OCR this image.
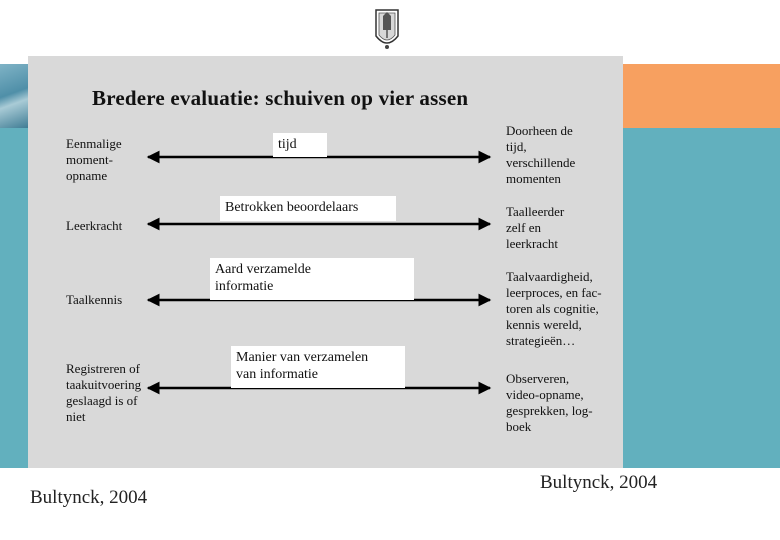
Bredere evaluatie: schuiven op vier assen
Eenmalige
moment-
opname
tijd
Doorheen de
tijd,
verschillende
momenten
Leerkracht
Betrokken beoordelaars	Taalleerder
zelf en
leerkracht
Taalkennis
Aard verzamelde
informatie
Taalvaardigheid,
leerproces, en fac-
toren als cognitie,
kennis wereld,
strategieën…
Registreren of
taakuitvoering
geslaagd is of
niet
Manier van verzamelen
van informatie	Observeren,
video-opname,
gesprekken, log-
boek
Bultynck, 2004
Bultynck, 2004
